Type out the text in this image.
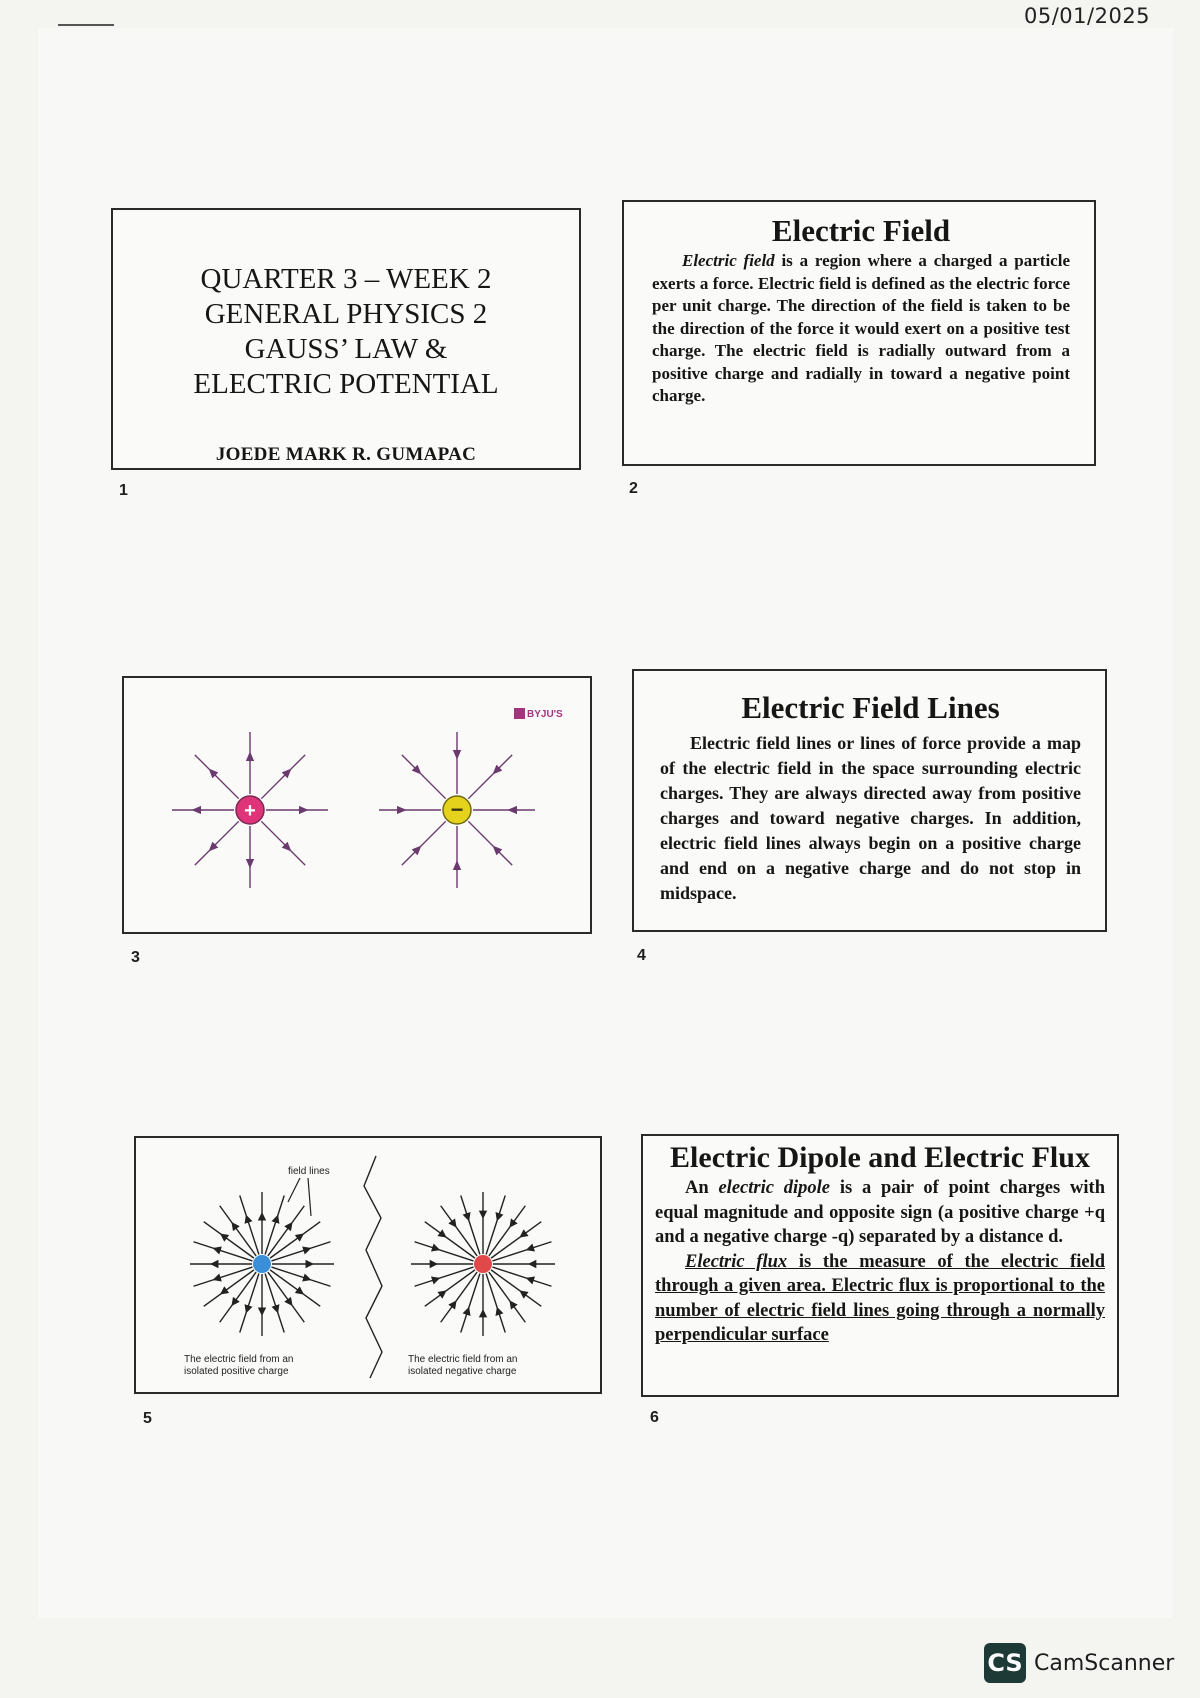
05/01/2025
QUARTER 3 – WEEK 2
GENERAL PHYSICS 2
GAUSS’ LAW &
ELECTRIC POTENTIAL
JOEDE MARK R. GUMAPAC
1
Electric Field

Electric field is a region where a charged a particle exerts a force. Electric field is defined as the electric force per unit charge. The direction of the field is taken to be the direction of the force it would exert on a positive test charge. The electric field is radially outward from a positive charge and radially in toward a negative point charge.

2
BYJU'S
+	−
3
Electric Field Lines

Electric field lines or lines of force provide a map of the electric field in the space surrounding electric charges. They are always directed away from positive charges and toward negative charges. In addition, electric field lines always begin on a positive charge and end on a negative charge and do not stop in midspace.

4
field lines
The electric field from an
isolated positive charge
The electric field from an
isolated negative charge
5
Electric Dipole and Electric Flux

An electric dipole is a pair of point charges with equal magnitude and opposite sign (a positive charge +q and a negative charge -q) separated by a distance d.

Electric flux is the measure of the electric field through a given area. Electric flux is proportional to the number of electric field lines going through a normally perpendicular surface

6
CS CamScanner
